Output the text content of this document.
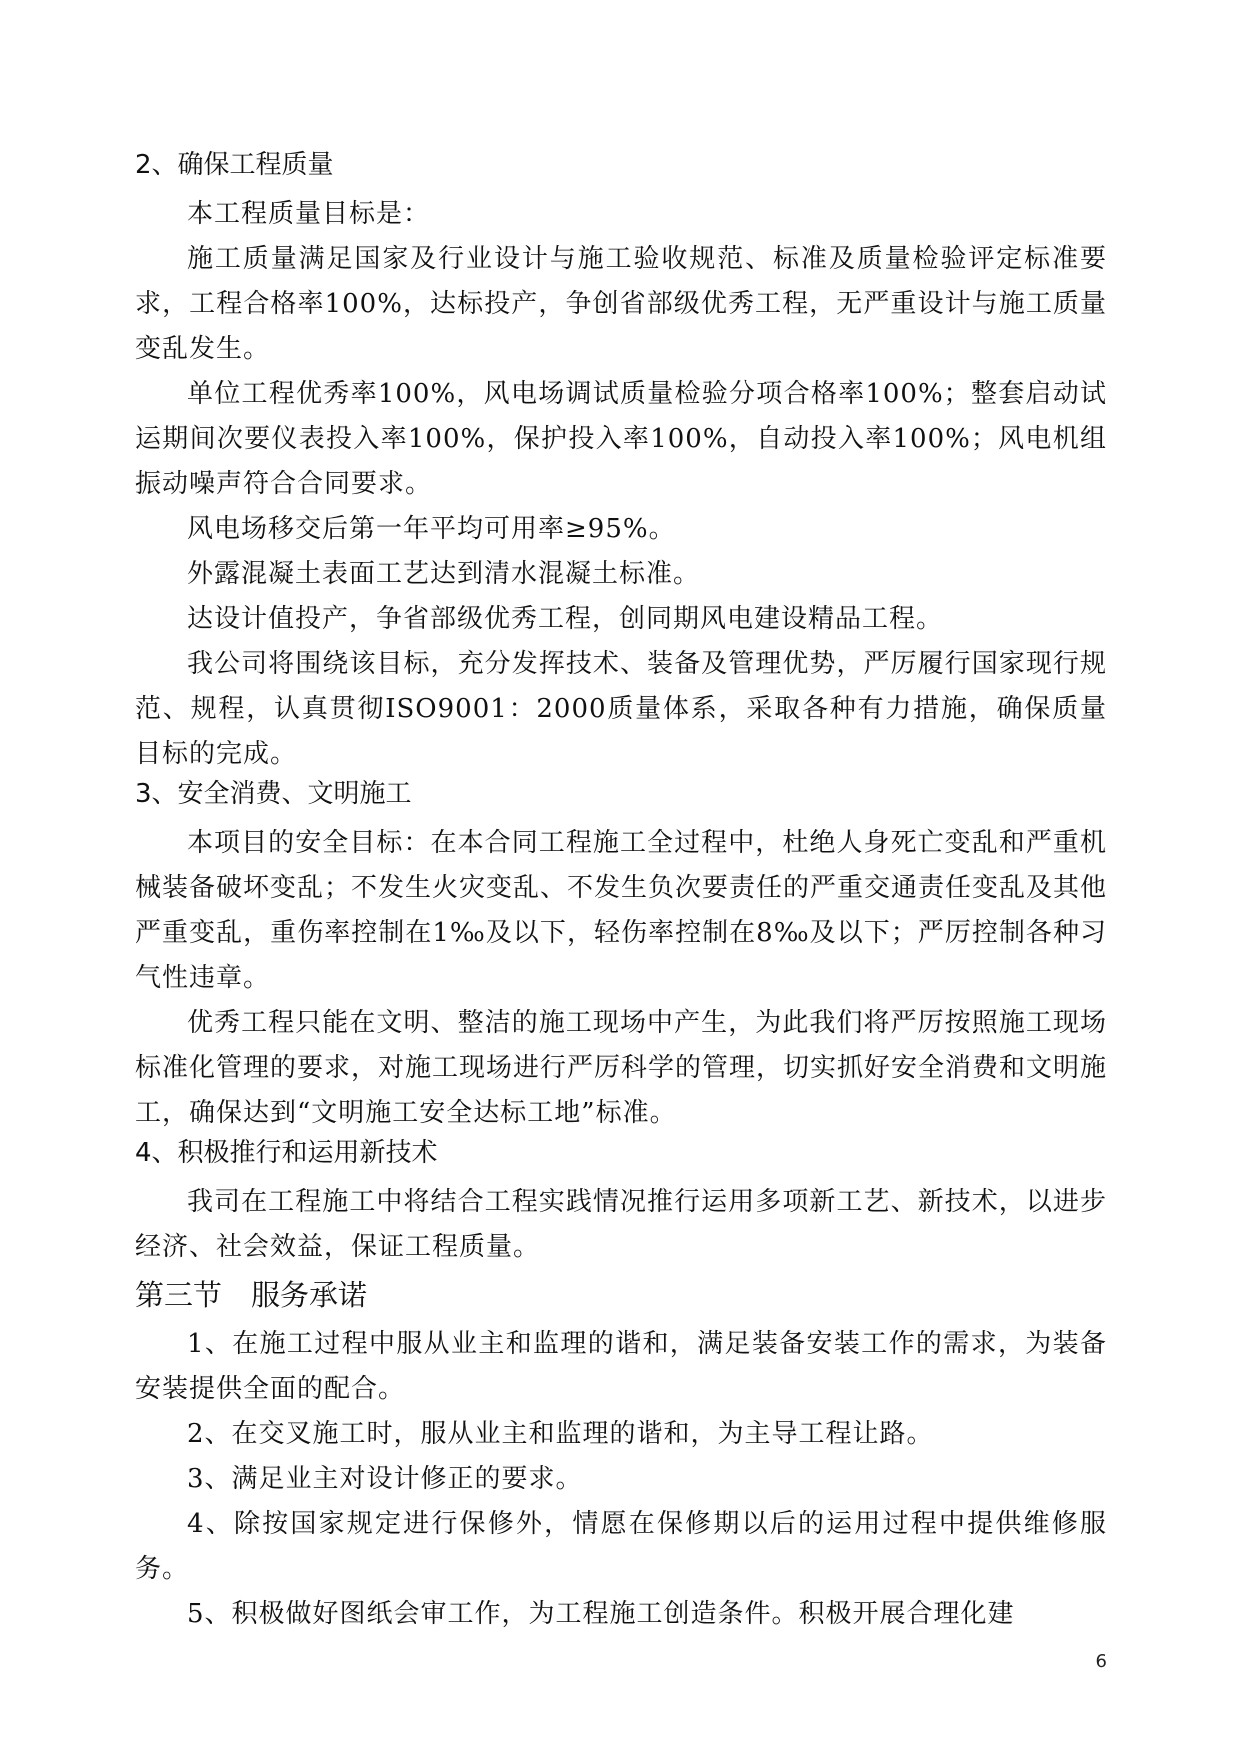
2、确保工程质量

本工程质量目标是：

施工质量满足国家及行业设计与施工验收规范、标准及质量检验评定标准要求，工程合格率100%，达标投产，争创省部级优秀工程，无严重设计与施工质量变乱发生。

单位工程优秀率100%，风电场调试质量检验分项合格率100%；整套启动试运期间次要仪表投入率100%，保护投入率100%，自动投入率100%；风电机组振动噪声符合合同要求。

风电场移交后第一年平均可用率≥95%。

外露混凝土表面工艺达到清水混凝土标准。

达设计值投产，争省部级优秀工程，创同期风电建设精品工程。

我公司将围绕该目标，充分发挥技术、装备及管理优势，严厉履行国家现行规范、规程，认真贯彻ISO9001：2000质量体系，采取各种有力措施，确保质量目标的完成。

3、安全消费、文明施工

本项目的安全目标：在本合同工程施工全过程中，杜绝人身死亡变乱和严重机械装备破坏变乱；不发生火灾变乱、不发生负次要责任的严重交通责任变乱及其他严重变乱，重伤率控制在1‰及以下，轻伤率控制在8‰及以下；严厉控制各种习气性违章。

优秀工程只能在文明、整洁的施工现场中产生，为此我们将严厉按照施工现场标准化管理的要求，对施工现场进行严厉科学的管理，切实抓好安全消费和文明施工，确保达到“文明施工安全达标工地”标准。

4、积极推行和运用新技术

我司在工程施工中将结合工程实践情况推行运用多项新工艺、新技术，以进步经济、社会效益，保证工程质量。

第三节　服务承诺

1、在施工过程中服从业主和监理的谐和，满足装备安装工作的需求，为装备安装提供全面的配合。

2、在交叉施工时，服从业主和监理的谐和，为主导工程让路。

3、满足业主对设计修正的要求。

4、除按国家规定进行保修外，情愿在保修期以后的运用过程中提供维修服务。

5、积极做好图纸会审工作，为工程施工创造条件。积极开展合理化建

6
